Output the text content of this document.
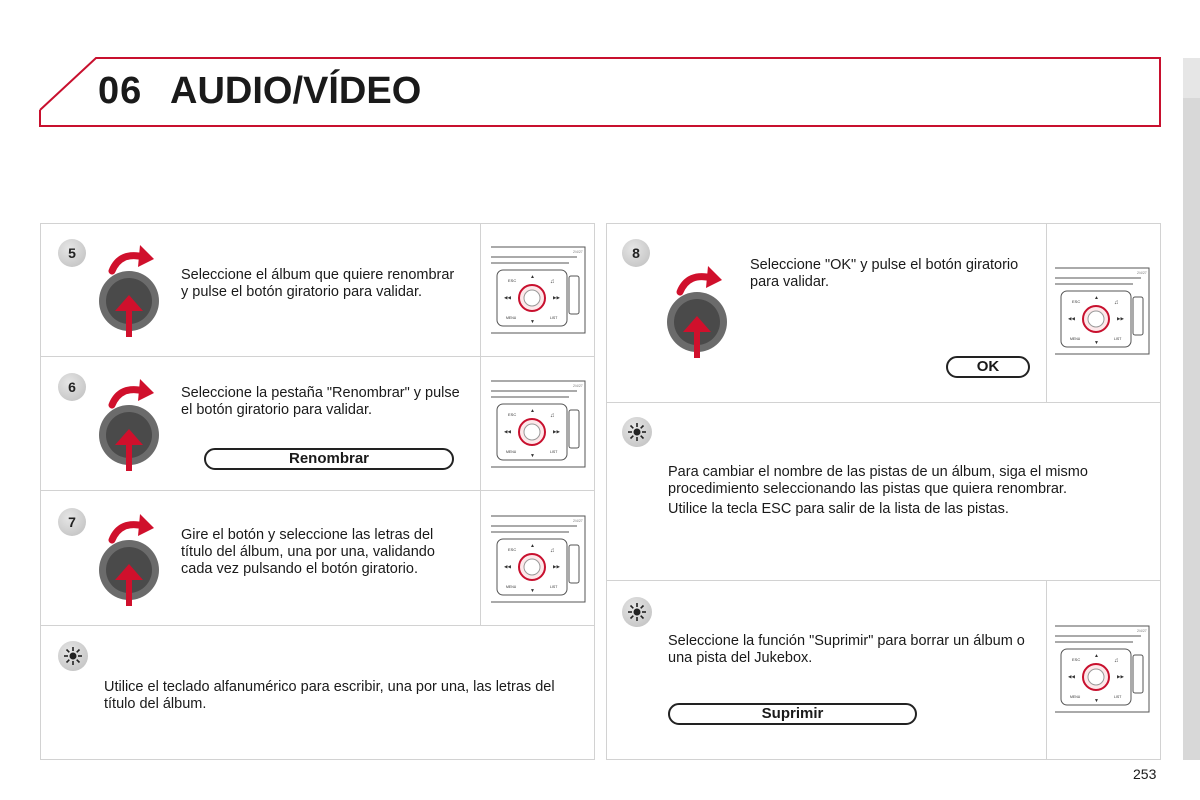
06 AUDIO/VÍDEO
5
Seleccione el álbum que quiere renombrar y pulse el botón giratorio para validar.
2/4/27
ESC	♫
◀◀	▶▶
MENU	LIST
▲
▼
6	Seleccione la pestaña "Renombrar" y pulse el botón giratorio para validar.
Renombrar
2/4/27
ESC	♫
◀◀	▶▶
MENU	LIST
▲
▼
7
Gire el botón y seleccione las letras del título del álbum, una por una, validando cada vez pulsando el botón giratorio.
2/4/27
ESC	♫
◀◀	▶▶
MENU	LIST
▲
▼
Utilice el teclado alfanumérico para escribir, una por una, las letras del título del álbum.
8
Seleccione "OK" y pulse el botón giratorio para validar.
OK
2/4/27
ESC	♫
◀◀	▶▶
MENU	LIST
▲
▼
Para cambiar el nombre de las pistas de un álbum, siga el mismo procedimiento seleccionando las pistas que quiera renombrar.
Utilice la tecla ESC para salir de la lista de las pistas.
Seleccione la función "Suprimir" para borrar un álbum o una pista del Jukebox.
Suprimir
2/4/27
ESC	♫
◀◀	▶▶
MENU	LIST
▲
▼
253
